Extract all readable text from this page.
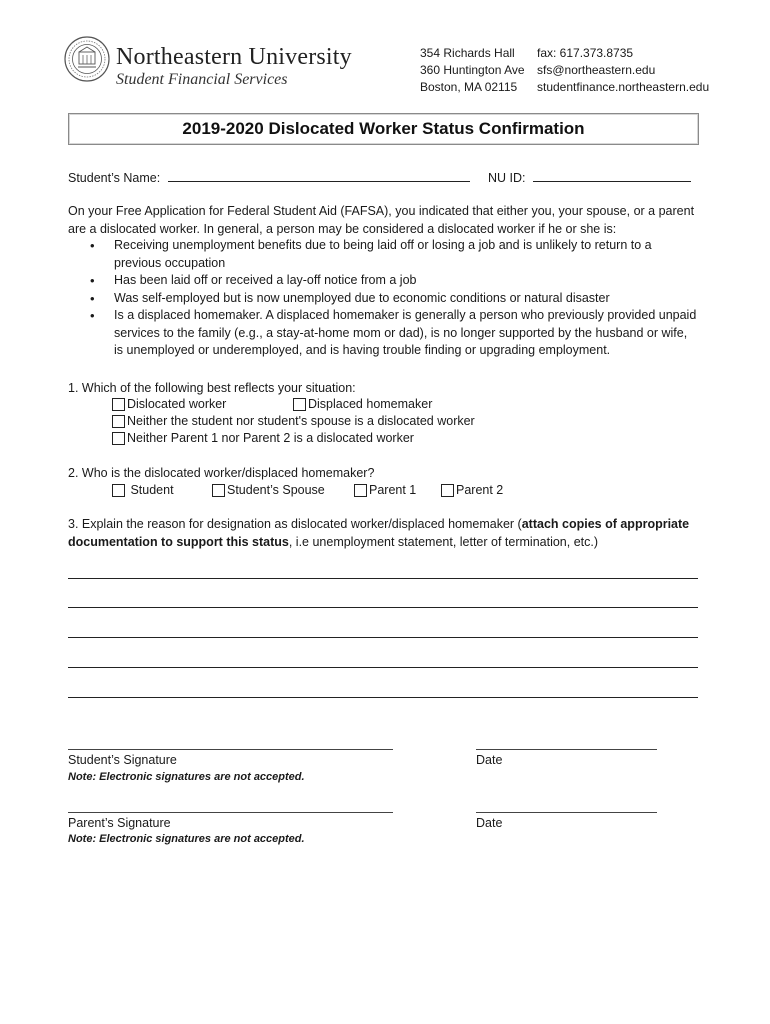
Northeastern University
Student Financial Services
354 Richards Hall
360 Huntington Ave
Boston, MA 02115
fax: 617.373.8735
sfs@northeastern.edu
studentfinance.northeastern.edu
2019-2020 Dislocated Worker Status Confirmation
Student’s Name:	NU ID:
On your Free Application for Federal Student Aid (FAFSA), you indicated that either you, your spouse, or a parent are a dislocated worker. In general, a person may be considered a dislocated worker if he or she is:
• Receiving unemployment benefits due to being laid off or losing a job and is unlikely to return to a previous occupation
• Has been laid off or received a lay-off notice from a job
• Was self-employed but is now unemployed due to economic conditions or natural disaster
• Is a displaced homemaker. A displaced homemaker is generally a person who previously provided unpaid services to the family (e.g., a stay-at-home mom or dad), is no longer supported by the husband or wife, is unemployed or underemployed, and is having trouble finding or upgrading employment.
1. Which of the following best reflects your situation:
Dislocated worker	Displaced homemaker
Neither the student nor student's spouse is a dislocated worker
Neither Parent 1 nor Parent 2 is a dislocated worker
2. Who is the dislocated worker/displaced homemaker?
Student	Student’s Spouse	Parent 1	Parent 2
3. Explain the reason for designation as dislocated worker/displaced homemaker (attach copies of appropriate documentation to support this status, i.e unemployment statement, letter of termination, etc.)
Student’s Signature	Date
Note: Electronic signatures are not accepted.
Parent’s Signature	Date
Note: Electronic signatures are not accepted.
